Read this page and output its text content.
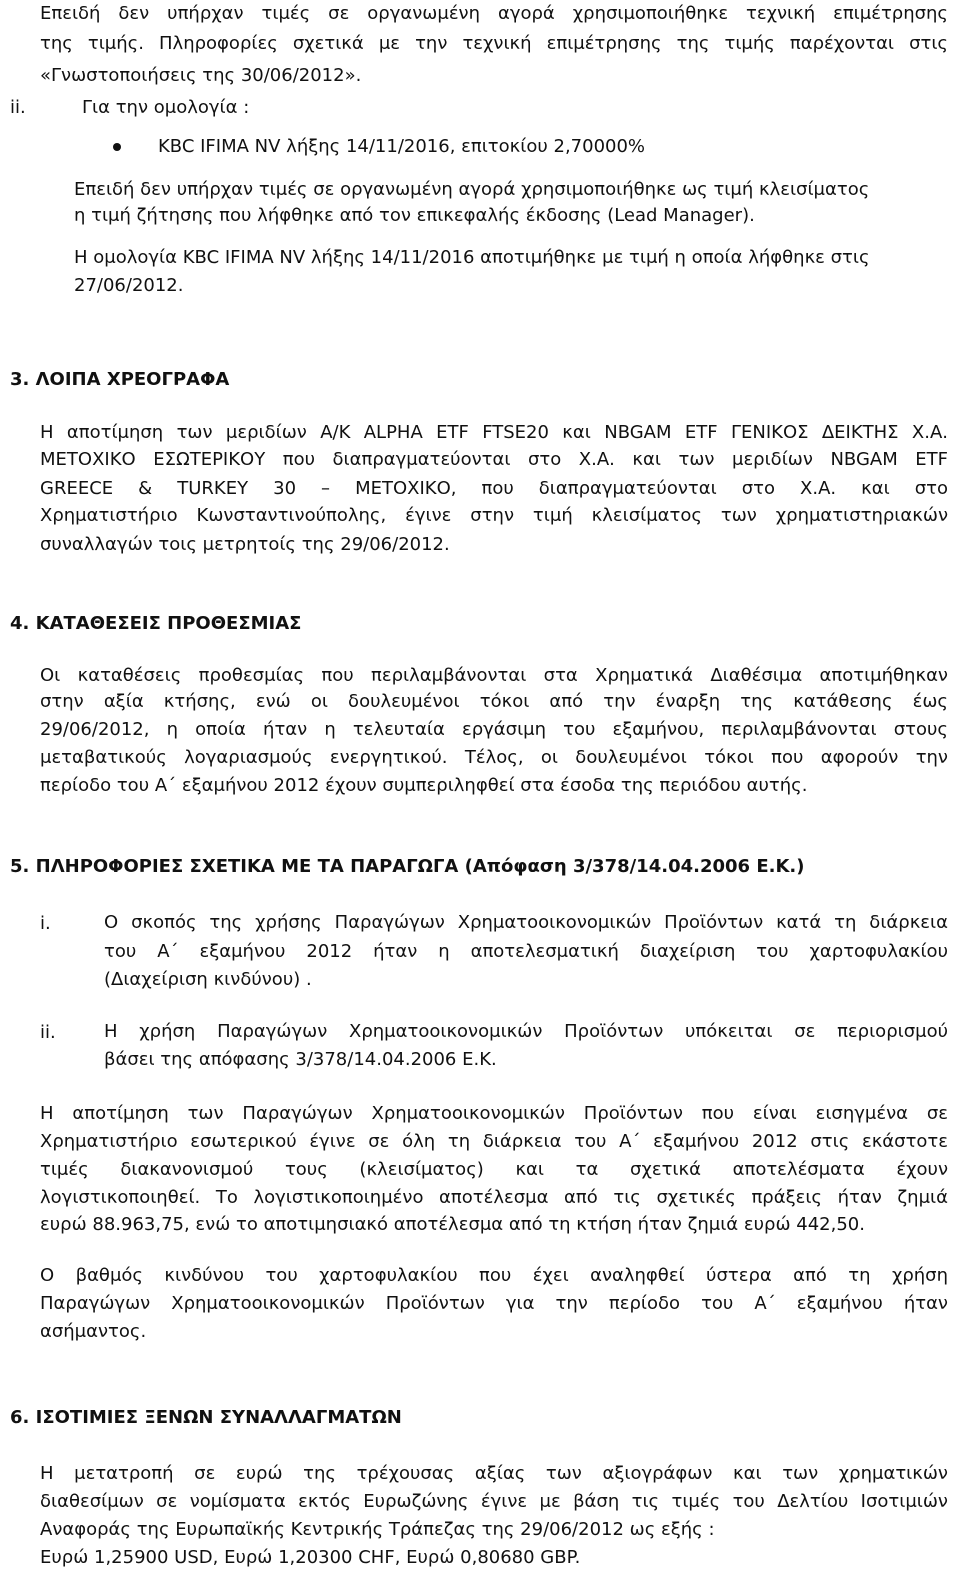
Επειδή δεν υπήρχαν τιμές σε οργανωμένη αγορά χρησιμοποιήθηκε τεχνική επιμέτρησης
της τιμής. Πληροφορίες σχετικά με την τεχνική επιμέτρησης της τιμής παρέχονται στις
«Γνωστοποιήσεις της 30/06/2012».
ii.	Για την ομολογία :
KBC IFIMA NV λήξης 14/11/2016, επιτοκίου 2,70000%
Επειδή δεν υπήρχαν τιμές σε οργανωμένη αγορά χρησιμοποιήθηκε ως τιμή κλεισίματος
η τιμή ζήτησης που λήφθηκε από τον επικεφαλής έκδοσης (Lead Manager).
Η ομολογία KBC IFIMA NV λήξης 14/11/2016 αποτιμήθηκε με τιμή η οποία λήφθηκε στις
27/06/2012.
3. ΛΟΙΠΑ ΧΡΕΟΓΡΑΦΑ
Η αποτίμηση των μεριδίων Α/Κ ALPHA ETF FTSE20 και NBGAM ETF ΓΕΝΙΚΟΣ ΔΕΙΚΤΗΣ Χ.Α.
ΜΕΤΟΧΙΚΟ ΕΣΩΤΕΡΙΚΟΥ που διαπραγματεύονται στο Χ.Α. και των μεριδίων NBGAM ETF
GREECE & TURKEY 30 – ΜΕΤΟΧΙΚΟ, που διαπραγματεύονται στο Χ.Α. και στο
Χρηματιστήριο Κωνσταντινούπολης, έγινε στην τιμή κλεισίματος των χρηματιστηριακών
συναλλαγών τοις μετρητοίς της 29/06/2012.
4. ΚΑΤΑΘΕΣΕΙΣ ΠΡΟΘΕΣΜΙΑΣ
Οι καταθέσεις προθεσμίας που περιλαμβάνονται στα Χρηματικά Διαθέσιμα αποτιμήθηκαν
στην αξία κτήσης, ενώ οι δουλευμένοι τόκοι από την έναρξη της κατάθεσης έως
29/06/2012, η οποία ήταν η τελευταία εργάσιμη του εξαμήνου, περιλαμβάνονται στους
μεταβατικούς λογαριασμούς ενεργητικού. Τέλος, οι δουλευμένοι τόκοι που αφορούν την
περίοδο του Α΄ εξαμήνου 2012 έχουν συμπεριληφθεί στα έσοδα της περιόδου αυτής.
5. ΠΛΗΡΟΦΟΡΙΕΣ ΣΧΕΤΙΚΑ ΜΕ ΤΑ ΠΑΡΑΓΩΓΑ (Απόφαση 3/378/14.04.2006 Ε.Κ.)
i.	Ο σκοπός της χρήσης Παραγώγων Χρηματοοικονομικών Προϊόντων κατά τη διάρκεια
του Α΄ εξαμήνου 2012 ήταν η αποτελεσματική διαχείριση του χαρτοφυλακίου
(Διαχείριση κινδύνου) .
ii.	Η χρήση Παραγώγων Χρηματοοικονομικών Προϊόντων υπόκειται σε περιορισμού
βάσει της απόφασης 3/378/14.04.2006 Ε.Κ.
Η αποτίμηση των Παραγώγων Χρηματοοικονομικών Προϊόντων που είναι εισηγμένα σε
Χρηματιστήριο εσωτερικού έγινε σε όλη τη διάρκεια του Α΄ εξαμήνου 2012 στις εκάστοτε
τιμές διακανονισμού τους (κλεισίματος) και τα σχετικά αποτελέσματα έχουν
λογιστικοποιηθεί. Το λογιστικοποιημένο αποτέλεσμα από τις σχετικές πράξεις ήταν ζημιά
ευρώ 88.963,75, ενώ το αποτιμησιακό αποτέλεσμα από τη κτήση ήταν ζημιά ευρώ 442,50.
Ο βαθμός κινδύνου του χαρτοφυλακίου που έχει αναληφθεί ύστερα από τη χρήση
Παραγώγων Χρηματοοικονομικών Προϊόντων για την περίοδο του Α΄ εξαμήνου ήταν
ασήμαντος.
6. ΙΣΟΤΙΜΙΕΣ ΞΕΝΩΝ ΣΥΝΑΛΛΑΓΜΑΤΩΝ
Η μετατροπή σε ευρώ της τρέχουσας αξίας των αξιογράφων και των χρηματικών
διαθεσίμων σε νομίσματα εκτός Ευρωζώνης έγινε με βάση τις τιμές του Δελτίου Ισοτιμιών
Αναφοράς της Ευρωπαϊκής Κεντρικής Τράπεζας της 29/06/2012 ως εξής :
Ευρώ 1,25900 USD, Ευρώ 1,20300 CHF, Ευρώ 0,80680 GBP.
